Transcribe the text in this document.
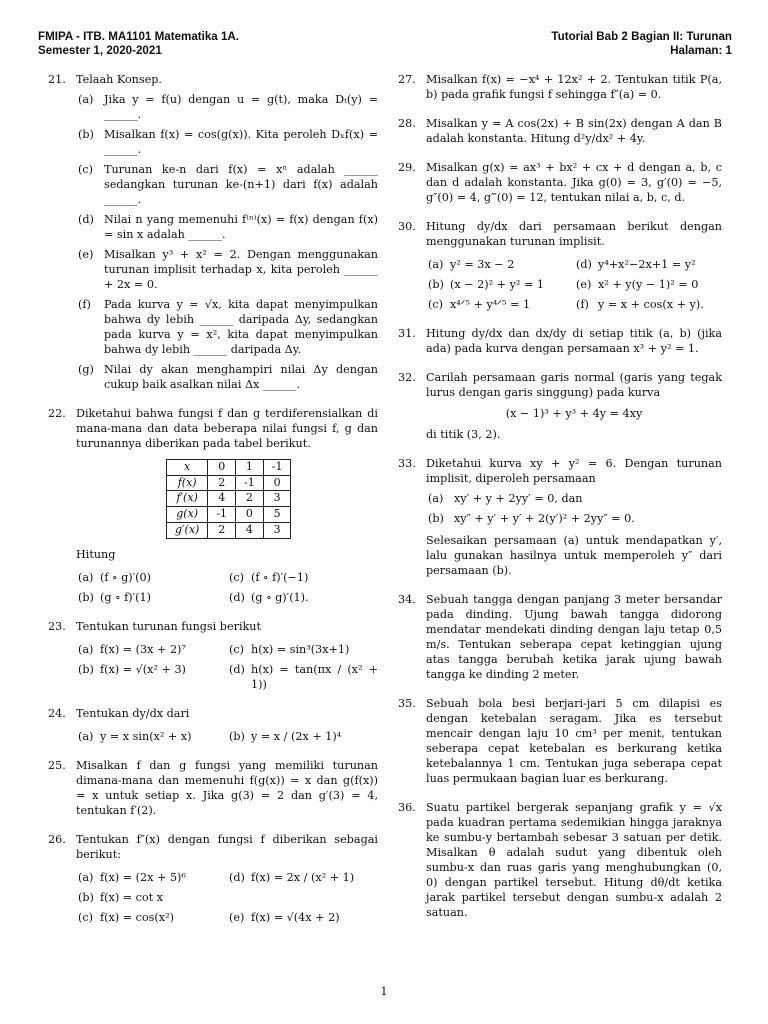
FMIPA - ITB. MA1101 Matematika 1A.
Semester 1, 2020-2021
Tutorial Bab 2 Bagian II: Turunan
Halaman: 1
21. Telaah Konsep.
(a) Jika y = f(u) dengan u = g(t), maka Dₜ(y) = ______.
(b) Misalkan f(x) = cos(g(x)). Kita peroleh Dₓf(x) = ______.
(c) Turunan ke-n dari f(x) = xⁿ adalah ______ sedangkan turunan ke-(n+1) dari f(x) adalah ______.
(d) Nilai n yang memenuhi f⁽ⁿ⁾(x) = f(x) dengan f(x) = sin x adalah ______.
(e) Misalkan y³ + x² = 2. Dengan menggunakan turunan implisit terhadap x, kita peroleh ______ + 2x = 0.
(f) Pada kurva y = √x, kita dapat menyimpulkan bahwa dy lebih ______ daripada Δy, sedangkan pada kurva y = x², kita dapat menyimpulkan bahwa dy lebih ______ daripada Δy.
(g) Nilai dy akan menghampiri nilai Δy dengan cukup baik asalkan nilai Δx ______.
22. Diketahui bahwa fungsi f dan g terdiferensialkan di mana-mana dan data beberapa nilai fungsi f, g dan turunannya diberikan pada tabel berikut.
x	0	1	-1
f(x)	2	-1	0
f′(x)	4	2	3
g(x)	-1	0	5
g′(x)	2	4	3
Hitung
(a) (f ∘ g)′(0)	(c) (f ∘ f)′(−1)
(b) (g ∘ f)′(1)	(d) (g ∘ g)′(1).
23. Tentukan turunan fungsi berikut
(a) f(x) = (3x + 2)⁷	(c) h(x) = sin³(3x+1)
(b) f(x) = √(x² + 3)	(d) h(x) = tan(πx / (x² + 1))
24. Tentukan dy/dx dari
(a) y = x sin(x² + x)	(b) y = x / (2x + 1)⁴
25. Misalkan f dan g fungsi yang memiliki turunan dimana-mana dan memenuhi f(g(x)) = x dan g(f(x)) = x untuk setiap x. Jika g(3) = 2 dan g′(3) = 4, tentukan f′(2).
26. Tentukan f″(x) dengan fungsi f diberikan sebagai berikut:
(a) f(x) = (2x + 5)⁶	(d) f(x) = 2x / (x² + 1)
(b) f(x) = cot x
(c) f(x) = cos(x²)	(e) f(x) = √(4x + 2)
27. Misalkan f(x) = −x⁴ + 12x² + 2. Tentukan titik P(a, b) pada grafik fungsi f sehingga f″(a) = 0.
28. Misalkan y = A cos(2x) + B sin(2x) dengan A dan B adalah konstanta. Hitung d²y/dx² + 4y.
29. Misalkan g(x) = ax³ + bx² + cx + d dengan a, b, c dan d adalah konstanta. Jika g(0) = 3, g′(0) = −5, g″(0) = 4, g‴(0) = 12, tentukan nilai a, b, c, d.
30. Hitung dy/dx dari persamaan berikut dengan menggunakan turunan implisit.
(a) y² = 3x − 2	(d) y⁴+x²−2x+1 = y²
(b) (x − 2)² + y² = 1	(e) x² + y(y − 1)² = 0
(c) x⁴ᐟ⁵ + y⁴ᐟ⁵ = 1	(f) y = x + cos(x + y).
31. Hitung dy/dx dan dx/dy di setiap titik (a, b) (jika ada) pada kurva dengan persamaan x³ + y² = 1.
32. Carilah persamaan garis normal (garis yang tegak lurus dengan garis singgung) pada kurva
(x − 1)³ + y³ + 4y = 4xy
di titik (3, 2).
33. Diketahui kurva xy + y² = 6. Dengan turunan implisit, diperoleh persamaan
(a) xy′ + y + 2yy′ = 0, dan
(b) xy″ + y′ + y′ + 2(y′)² + 2yy″ = 0.
Selesaikan persamaan (a) untuk mendapatkan y′, lalu gunakan hasilnya untuk memperoleh y″ dari persamaan (b).
34. Sebuah tangga dengan panjang 3 meter bersandar pada dinding. Ujung bawah tangga didorong mendatar mendekati dinding dengan laju tetap 0,5 m/s. Tentukan seberapa cepat ketinggian ujung atas tangga berubah ketika jarak ujung bawah tangga ke dinding 2 meter.
35. Sebuah bola besi berjari-jari 5 cm dilapisi es dengan ketebalan seragam. Jika es tersebut mencair dengan laju 10 cm³ per menit, tentukan seberapa cepat ketebalan es berkurang ketika ketebalannya 1 cm. Tentukan juga seberapa cepat luas permukaan bagian luar es berkurang.
36. Suatu partikel bergerak sepanjang grafik y = √x pada kuadran pertama sedemikian hingga jaraknya ke sumbu-y bertambah sebesar 3 satuan per detik. Misalkan θ adalah sudut yang dibentuk oleh sumbu-x dan ruas garis yang menghubungkan (0, 0) dengan partikel tersebut. Hitung dθ/dt ketika jarak partikel tersebut dengan sumbu-x adalah 2 satuan.
1
